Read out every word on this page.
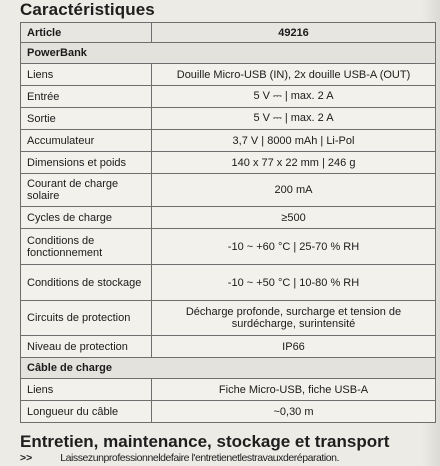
Caractéristiques
Article	49216
PowerBank	
Liens	Douille Micro-USB (IN), 2x douille USB-A (OUT)
Entrée	5 V ⎓ | max. 2 A
Sortie	5 V ⎓ | max. 2 A
Accumulateur	3,7 V | 8000 mAh | Li-Pol
Dimensions et poids	140 x 77 x 22 mm | 246 g
Courant de charge solaire	200 mA
Cycles de charge	≥500
Conditions de fonctionnement	-10 ~ +60 °C | 25-70 % RH
Conditions de stockage	-10 ~ +50 °C | 10-80 % RH
Circuits de protection	Décharge profonde, surcharge et tension de surdécharge, surintensité
Niveau de protection	IP66
Câble de charge	
Liens	Fiche Micro-USB, fiche USB-A
Longueur du câble	~0,30 m
Entretien, maintenance, stockage et transport
>>	Laissezunprofessionneldefaire l'entretienetlestravauxderéparation.
